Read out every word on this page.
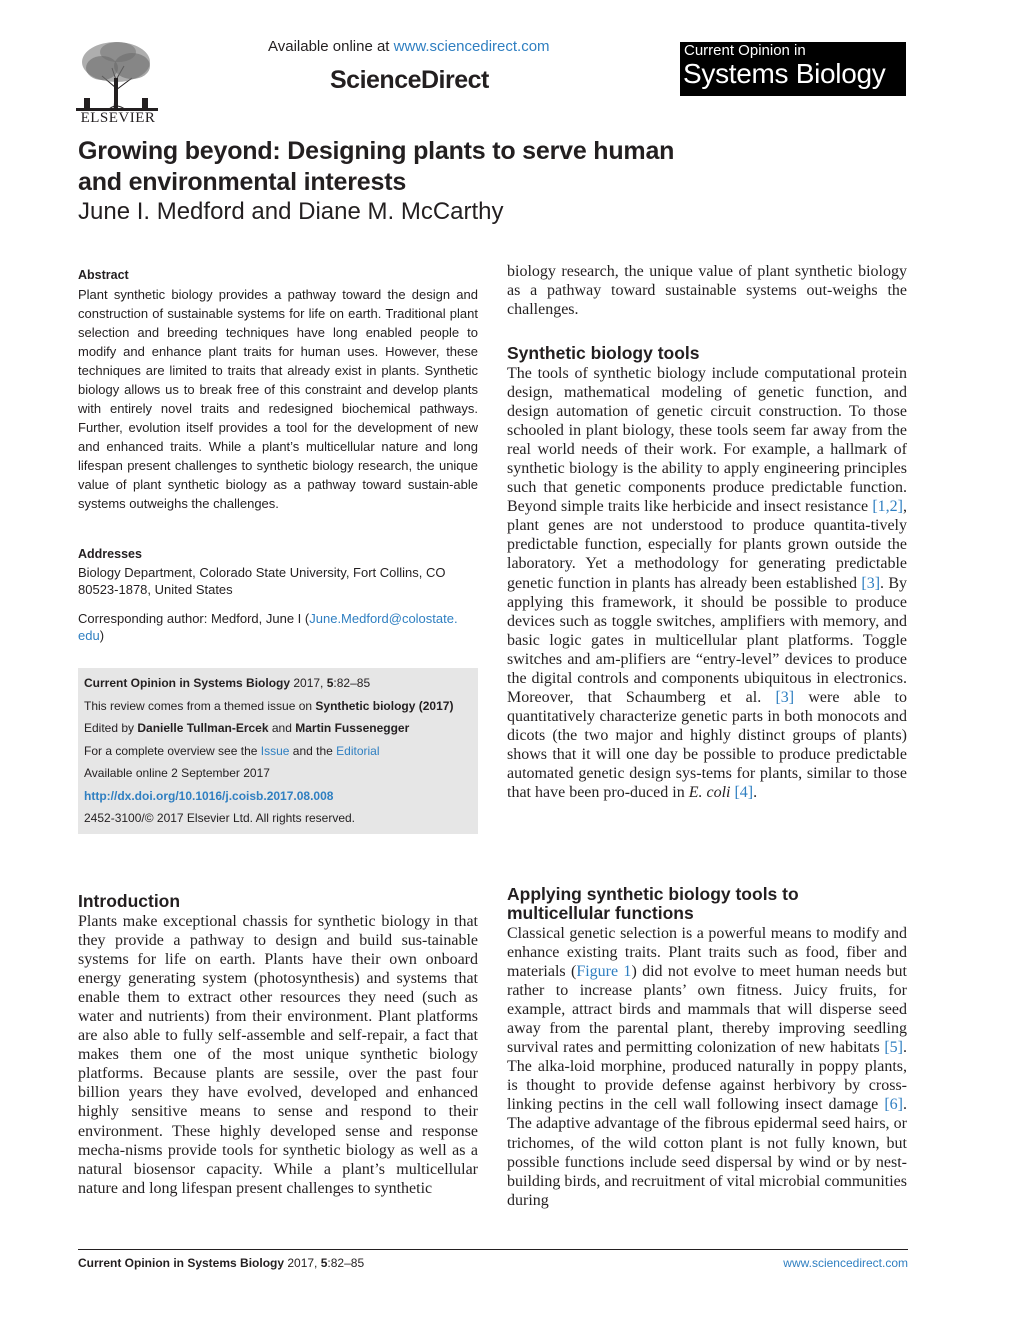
ELSEVIER
Available online at www.sciencedirect.com
ScienceDirect
Current Opinion in
Systems Biology
Growing beyond: Designing plants to serve human
and environmental interests
June I. Medford and Diane M. McCarthy
Abstract
Plant synthetic biology provides a pathway toward the design and construction of sustainable systems for life on earth. Traditional plant selection and breeding techniques have long enabled people to modify and enhance plant traits for human uses. However, these techniques are limited to traits that already exist in plants. Synthetic biology allows us to break free of this constraint and develop plants with entirely novel traits and redesigned biochemical pathways. Further, evolution itself provides a tool for the development of new and enhanced traits. While a plant’s multicellular nature and long lifespan present challenges to synthetic biology research, the unique value of plant synthetic biology as a pathway toward sustain-able systems outweighs the challenges.
Addresses
Biology Department, Colorado State University, Fort Collins, CO
80523-1878, United States
Corresponding author: Medford, June I (June.Medford@colostate.
edu)
Current Opinion in Systems Biology 2017, 5:82–85
This review comes from a themed issue on Synthetic biology (2017)
Edited by Danielle Tullman-Ercek and Martin Fussenegger
For a complete overview see the Issue and the Editorial
Available online 2 September 2017
http://dx.doi.org/10.1016/j.coisb.2017.08.008
2452-3100/© 2017 Elsevier Ltd. All rights reserved.
Introduction
Plants make exceptional chassis for synthetic biology in that they provide a pathway to design and build sus-tainable systems for life on earth. Plants have their own onboard energy generating system (photosynthesis) and systems that enable them to extract other resources they need (such as water and nutrients) from their environment. Plant platforms are also able to fully self-assemble and self-repair, a fact that makes them one of the most unique synthetic biology platforms. Because plants are sessile, over the past four billion years they have evolved, developed and enhanced highly sensitive means to sense and respond to their environment. These highly developed sense and response mecha-nisms provide tools for synthetic biology as well as a natural biosensor capacity. While a plant’s multicellular nature and long lifespan present challenges to synthetic
biology research, the unique value of plant synthetic biology as a pathway toward sustainable systems out-weighs the challenges.
Synthetic biology tools
The tools of synthetic biology include computational protein design, mathematical modeling of genetic function, and design automation of genetic circuit construction. To those schooled in plant biology, these tools seem far away from the real world needs of their work. For example, a hallmark of synthetic biology is the ability to apply engineering principles such that genetic components produce predictable function. Beyond simple traits like herbicide and insect resistance [1,2], plant genes are not understood to produce quantita-tively predictable function, especially for plants grown outside the laboratory. Yet a methodology for generating predictable genetic function in plants has already been established [3]. By applying this framework, it should be possible to produce devices such as toggle switches, amplifiers with memory, and basic logic gates in multicellular plant platforms. Toggle switches and am-plifiers are “entry-level” devices to produce the digital controls and components ubiquitous in electronics. Moreover, that Schaumberg et al. [3] were able to quantitatively characterize genetic parts in both monocots and dicots (the two major and highly distinct groups of plants) shows that it will one day be possible to produce predictable automated genetic design sys-tems for plants, similar to those that have been pro-duced in E. coli [4].
Applying synthetic biology tools to
multicellular functions
Classical genetic selection is a powerful means to modify and enhance existing traits. Plant traits such as food, fiber and materials (Figure 1) did not evolve to meet human needs but rather to increase plants’ own fitness. Juicy fruits, for example, attract birds and mammals that will disperse seed away from the parental plant, thereby improving seedling survival rates and permitting colonization of new habitats [5]. The alka-loid morphine, produced naturally in poppy plants, is thought to provide defense against herbivory by cross-linking pectins in the cell wall following insect damage [6]. The adaptive advantage of the fibrous epidermal seed hairs, or trichomes, of the wild cotton plant is not fully known, but possible functions include seed dispersal by wind or by nest-building birds, and recruitment of vital microbial communities during
Current Opinion in Systems Biology 2017, 5:82–85	www.sciencedirect.com
